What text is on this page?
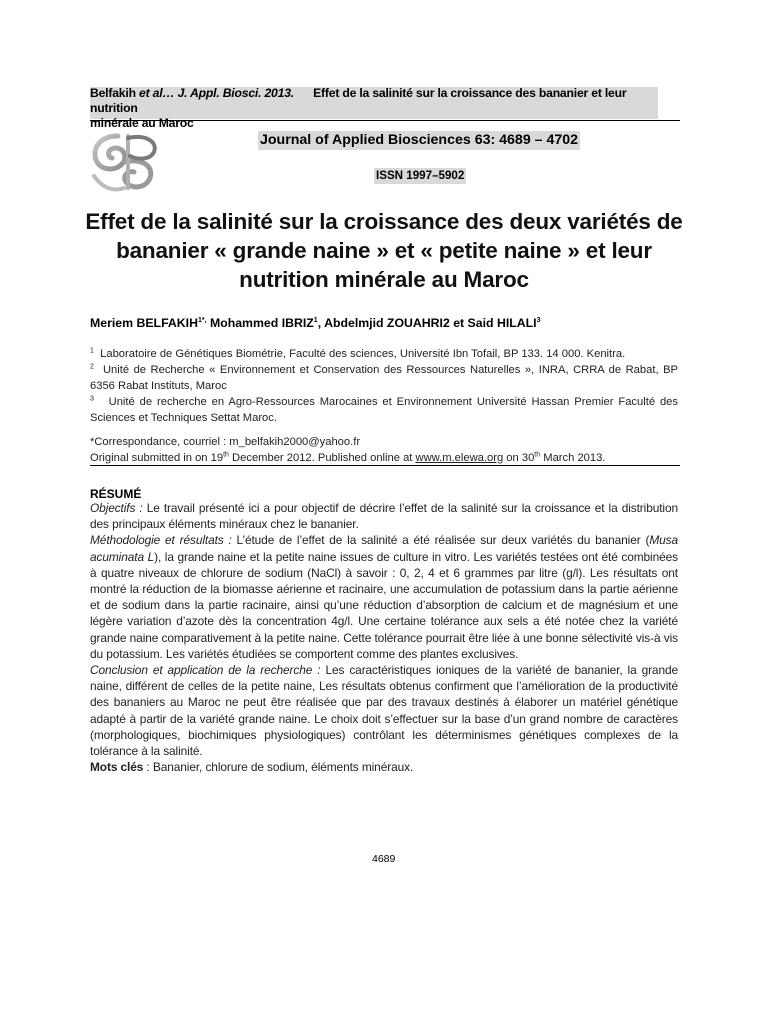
Belfakih et al… J. Appl. Biosci. 2013. Effet de la salinité sur la croissance des bananier et leur nutrition
minérale au Maroc
Journal of Applied Biosciences 63: 4689 – 4702
ISSN 1997–5902
Effet de la salinité sur la croissance des deux variétés de bananier « grande naine » et « petite naine » et leur nutrition minérale au Maroc
Meriem $BELFAKIH^{1*,}$ Mohammed IBRIZ$^1$, Abdelmjid ZOUAHRI2 et Said HILALI$^3$
$^1$ Laboratoire de Génétiques Biométrie, Faculté des sciences, Université Ibn Tofail, BP 133. 14 000. Kenitra.
$^2$ Unité de Recherche « Environnement et Conservation des Ressources Naturelles », INRA, CRRA de Rabat, BP 6356 Rabat Instituts, Maroc
$^3$ Unité de recherche en Agro-Ressources Marocaines et Environnement Université Hassan Premier Faculté des Sciences et Techniques Settat Maroc.
*Correspondance, courriel : m_belfakih2000@yahoo.fr
Original submitted in on 19th December 2012. Published online at www.m.elewa.org on 30th March 2013.
RÉSUMÉ
Objectifs : Le travail présenté ici a pour objectif de décrire l’effet de la salinité sur la croissance et la distribution des principaux éléments minéraux chez le bananier.
Méthodologie et résultats : L’étude de l’effet de la salinité a été réalisée sur deux variétés du bananier (Musa acuminata L), la grande naine et la petite naine issues de culture in vitro. Les variétés testées ont été combinées à quatre niveaux de chlorure de sodium (NaCl) à savoir : 0, 2, 4 et 6 grammes par litre (g/l). Les résultats ont montré la réduction de la biomasse aérienne et racinaire, une accumulation de potassium dans la partie aérienne et de sodium dans la partie racinaire, ainsi qu’une réduction d’absorption de calcium et de magnésium et une légère variation d’azote dès la concentration 4g/l. Une certaine tolérance aux sels a été notée chez la variété grande naine comparativement à la petite naine. Cette tolérance pourrait être liée à une bonne sélectivité vis-à vis du potassium. Les variétés étudiées se comportent comme des plantes exclusives.
Conclusion et application de la recherche : Les caractéristiques ioniques de la variété de bananier, la grande naine, différent de celles de la petite naine, Les résultats obtenus confirment que l’amélioration de la productivité des bananiers au Maroc ne peut être réalisée que par des travaux destinés à élaborer un matériel génétique adapté à partir de la variété grande naine. Le choix doit s’effectuer sur la base d’un grand nombre de caractères (morphologiques, biochimiques physiologiques) contrôlant les déterminismes génétiques complexes de la tolérance à la salinité.
Mots clés : Bananier, chlorure de sodium, éléments minéraux.
4689
